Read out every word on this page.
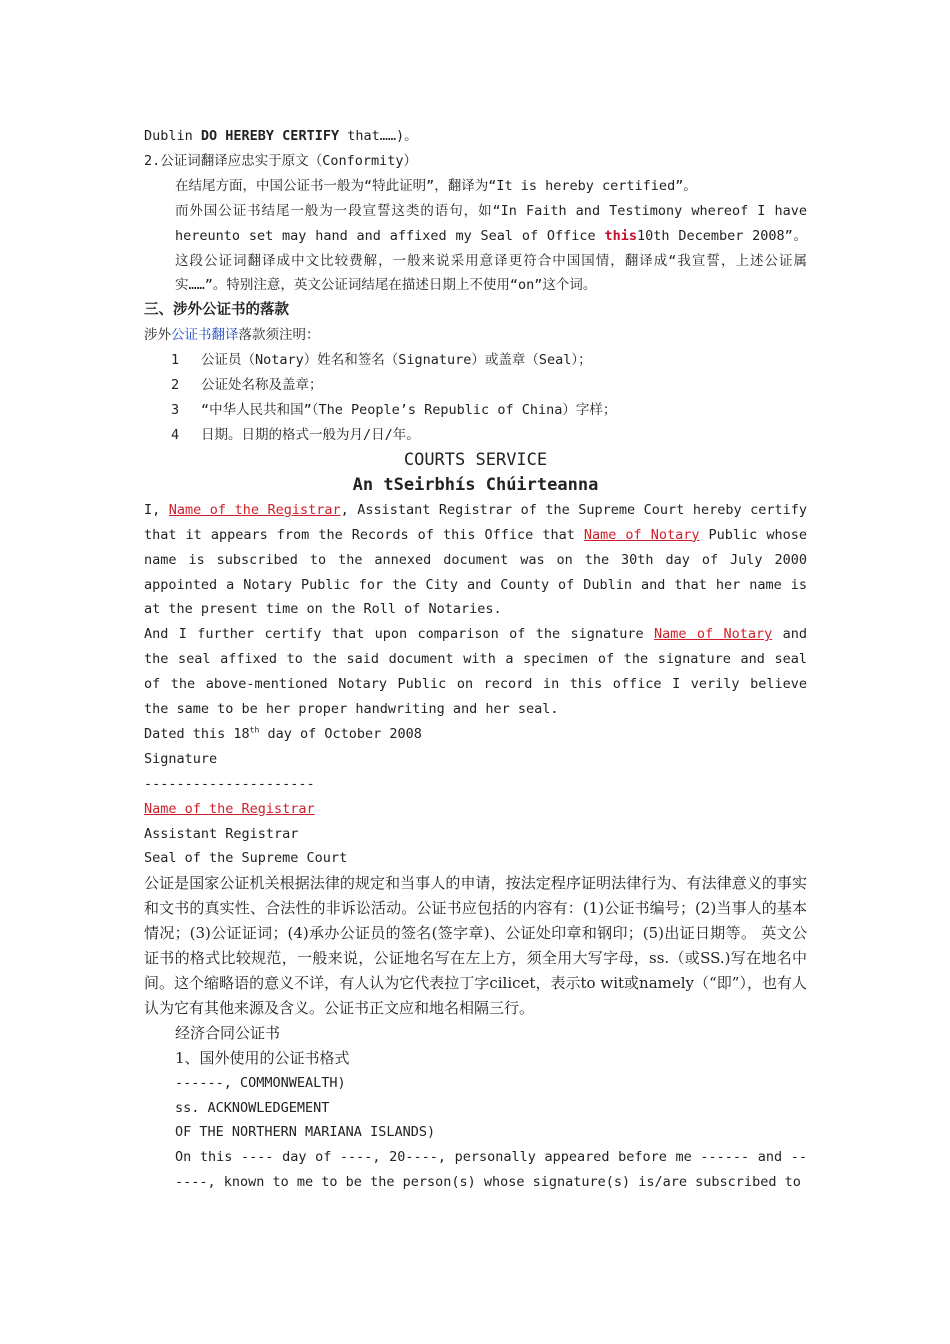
Dublin DO HEREBY CERTIFY that……)。
2.公证词翻译应忠实于原文（Conformity）
在结尾方面，中国公证书一般为“特此证明”，翻译为“It is hereby certified”。
而外国公证书结尾一般为一段宣誓这类的语句，如“In Faith and Testimony whereof I have hereunto set may hand and affixed my Seal of Office this10th December 2008”。这段公证词翻译成中文比较费解，一般来说采用意译更符合中国国情，翻译成“我宣誓，上述公证属实……”。特别注意，英文公证词结尾在描述日期上不使用“on”这个词。
三、涉外公证书的落款
涉外公证书翻译落款须注明：
1 公证员（Notary）姓名和签名（Signature）或盖章（Seal）；
2 公证处名称及盖章；
3 “中华人民共和国”（The People’s Republic of China）字样；
4 日期。日期的格式一般为月/日/年。
COURTS SERVICE
An tSeirbhís Chúirteanna
I, Name of the Registrar, Assistant Registrar of the Supreme Court hereby certify that it appears from the Records of this Office that Name of Notary Public whose name is subscribed to the annexed document was on the 30th day of July 2000 appointed a Notary Public for the City and County of Dublin and that her name is at the present time on the Roll of Notaries.
And I further certify that upon comparison of the signature Name of Notary and the seal affixed to the said document with a specimen of the signature and seal of the above-mentioned Notary Public on record in this office I verily believe the same to be her proper handwriting and her seal.
Dated this 18th day of October 2008
Signature
---------------------
Name of the Registrar
Assistant Registrar
Seal of the Supreme Court
公证是国家公证机关根据法律的规定和当事人的申请，按法定程序证明法律行为、有法律意义的事实和文书的真实性、合法性的非诉讼活动。公证书应包括的内容有：(1)公证书编号；(2)当事人的基本情况；(3)公证证词；(4)承办公证员的签名(签字章)、公证处印章和钢印；(5)出证日期等。 英文公证书的格式比较规范，一般来说，公证地名写在左上方，须全用大写字母，ss.（或SS.)写在地名中间。这个缩略语的意义不详，有人认为它代表拉丁字cilicet，表示to wit或namely（“即”），也有人认为它有其他来源及含义。公证书正文应和地名相隔三行。
经济合同公证书
1、国外使用的公证书格式
------, COMMONWEALTH)
ss. ACKNOWLEDGEMENT
OF THE NORTHERN MARIANA ISLANDS)
On this ---- day of ----, 20----, personally appeared before me ------ and ------, known to me to be the person(s) whose signature(s) is/are subscribed to
